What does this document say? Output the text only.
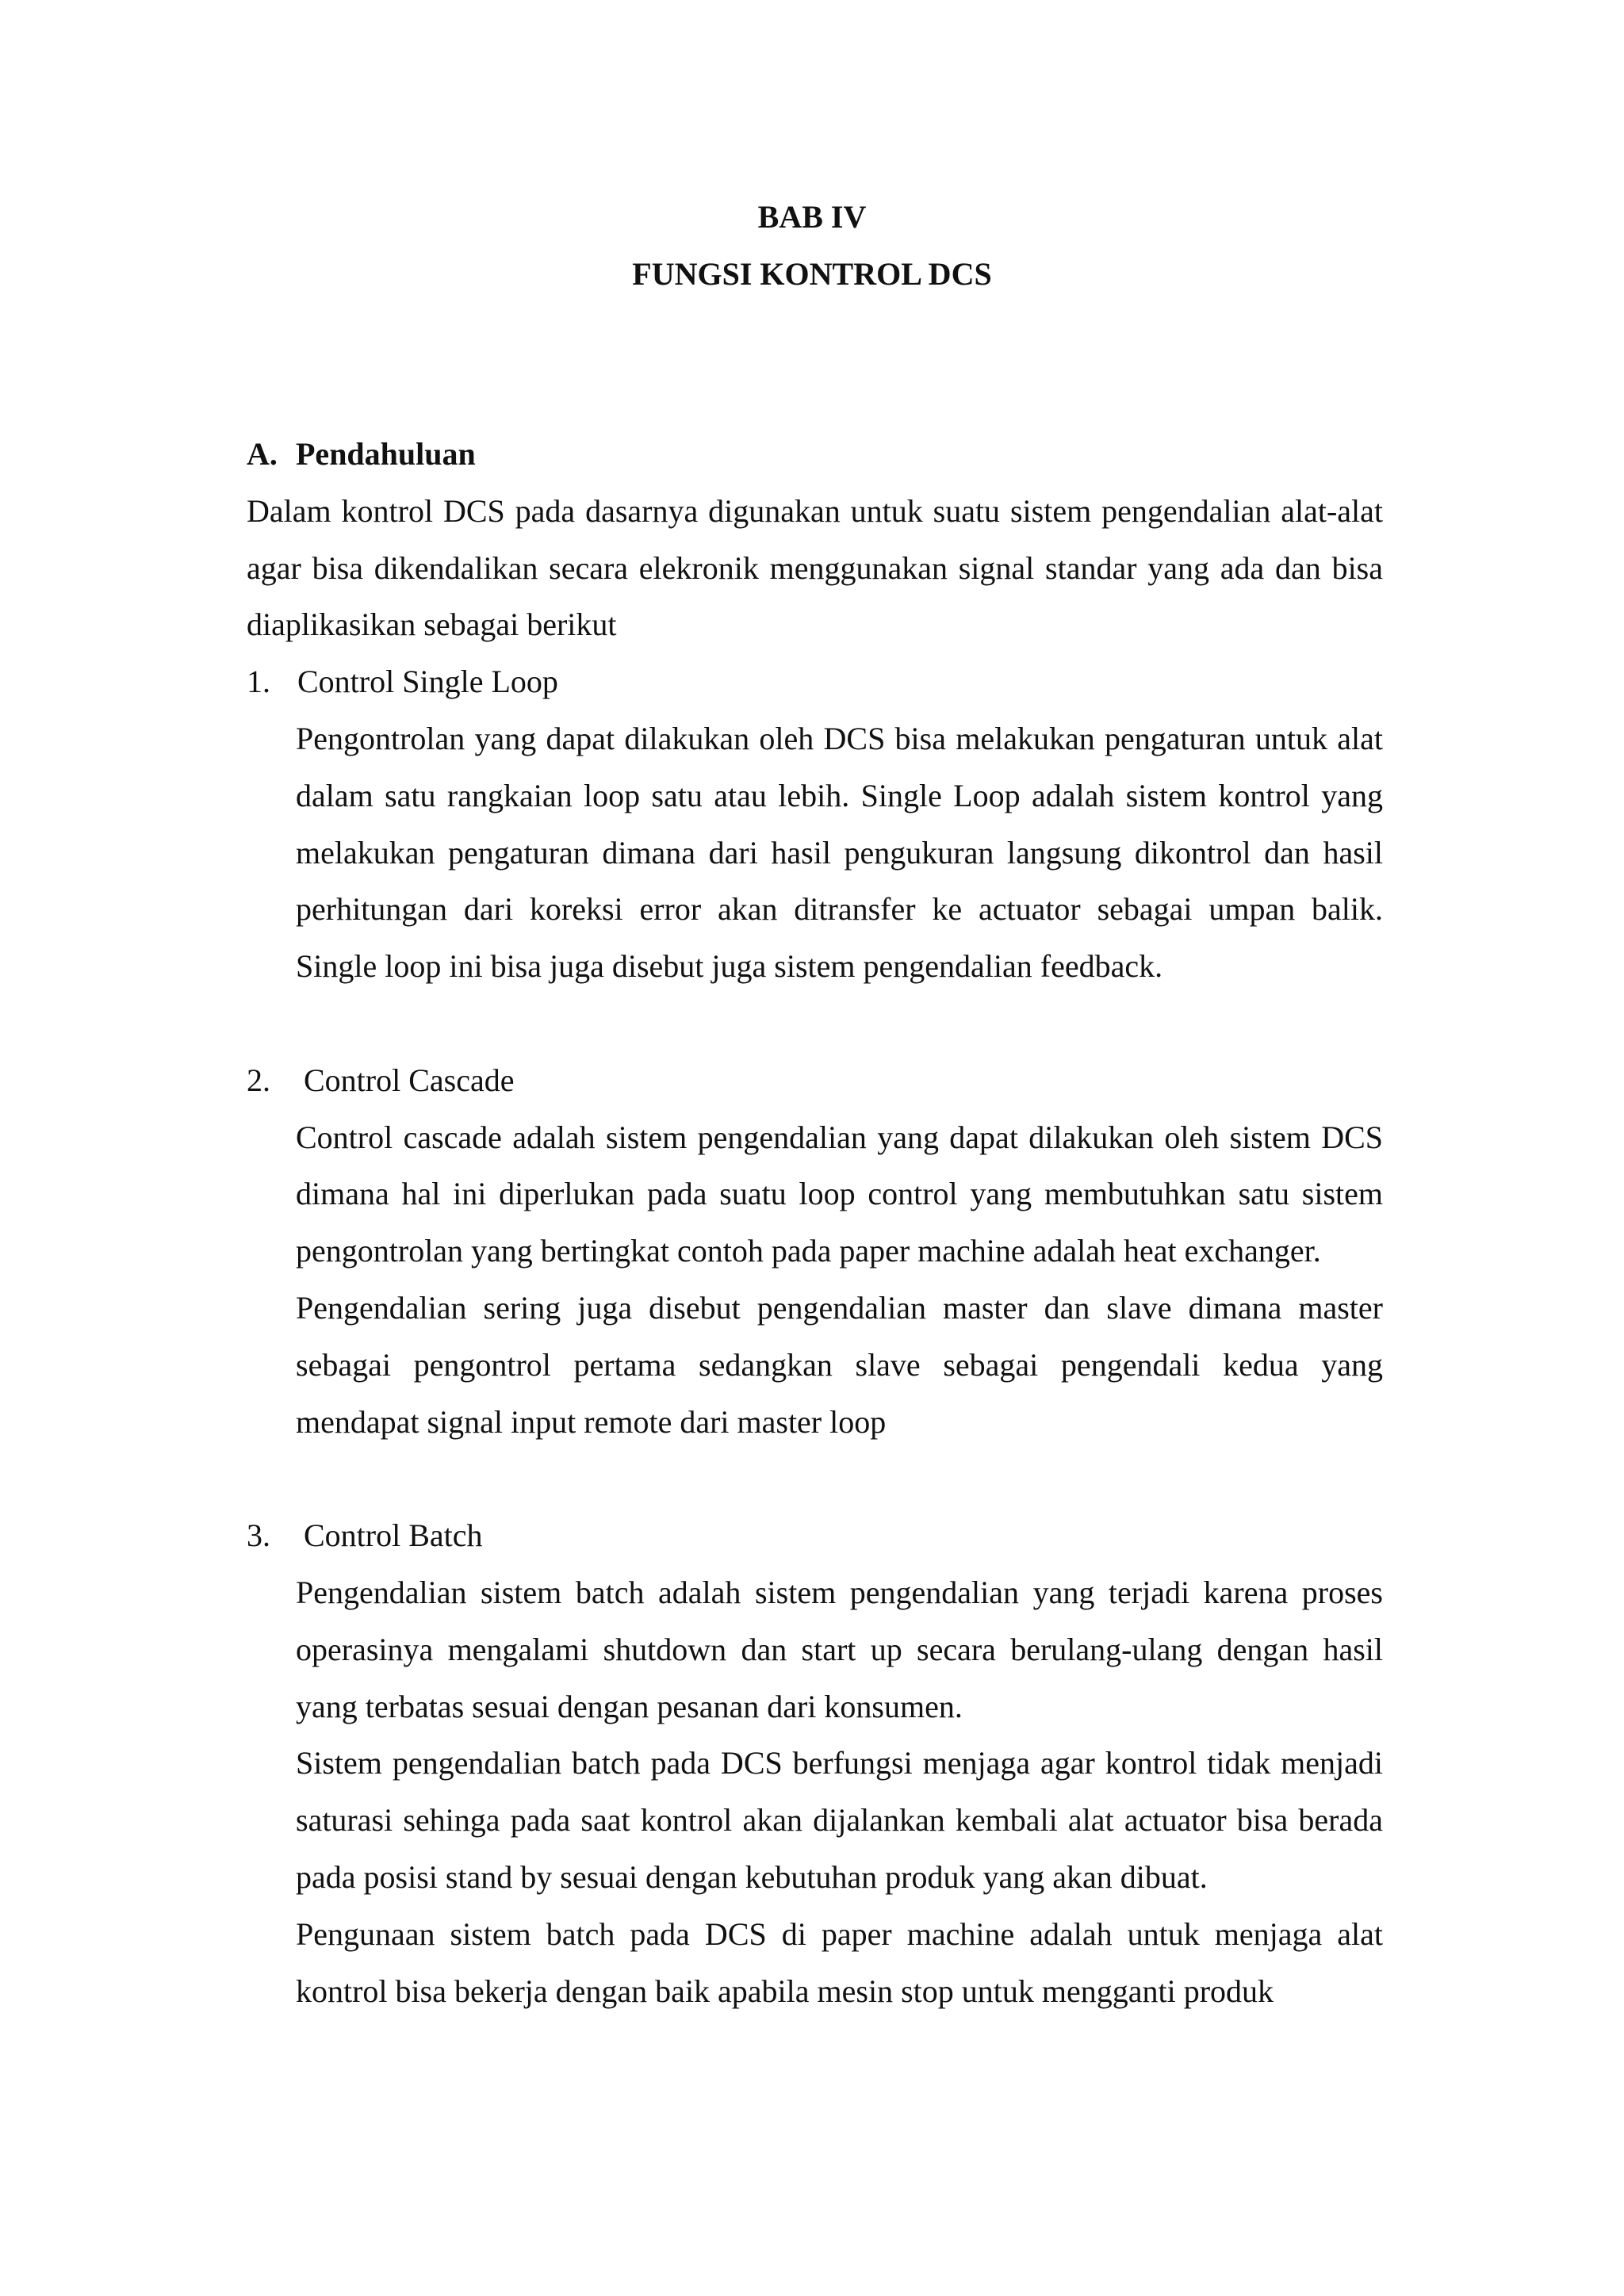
BAB IV
FUNGSI KONTROL DCS
A. Pendahuluan

Dalam kontrol DCS pada dasarnya digunakan untuk suatu sistem pengendalian alat-alat agar bisa dikendalikan secara elekronik menggunakan signal standar yang ada dan bisa diaplikasikan sebagai berikut

1. Control Single Loop

Pengontrolan yang dapat dilakukan oleh DCS bisa melakukan pengaturan untuk alat dalam satu rangkaian loop satu atau lebih. Single Loop adalah sistem kontrol yang melakukan pengaturan dimana dari hasil pengukuran langsung dikontrol dan hasil perhitungan dari koreksi error akan ditransfer ke actuator sebagai umpan balik. Single loop ini bisa juga disebut juga sistem pengendalian feedback.

2.	Control Cascade

Control cascade adalah sistem pengendalian yang dapat dilakukan oleh sistem DCS dimana hal ini diperlukan pada suatu loop control yang membutuhkan satu sistem pengontrolan yang bertingkat contoh pada paper machine adalah heat exchanger.

Pengendalian sering juga disebut pengendalian master dan slave dimana master sebagai pengontrol pertama sedangkan slave sebagai pengendali kedua yang mendapat signal input remote dari master loop

3.	Control Batch

Pengendalian sistem batch adalah sistem pengendalian yang terjadi karena proses operasinya mengalami shutdown dan start up secara berulang-ulang dengan hasil yang terbatas sesuai dengan pesanan dari konsumen.

Sistem pengendalian batch pada DCS berfungsi menjaga agar kontrol tidak menjadi saturasi sehinga pada saat kontrol akan dijalankan kembali alat actuator bisa berada pada posisi stand by sesuai dengan kebutuhan produk yang akan dibuat.

Pengunaan sistem batch pada DCS di paper machine adalah untuk menjaga alat kontrol bisa bekerja dengan baik apabila mesin stop untuk mengganti produk
